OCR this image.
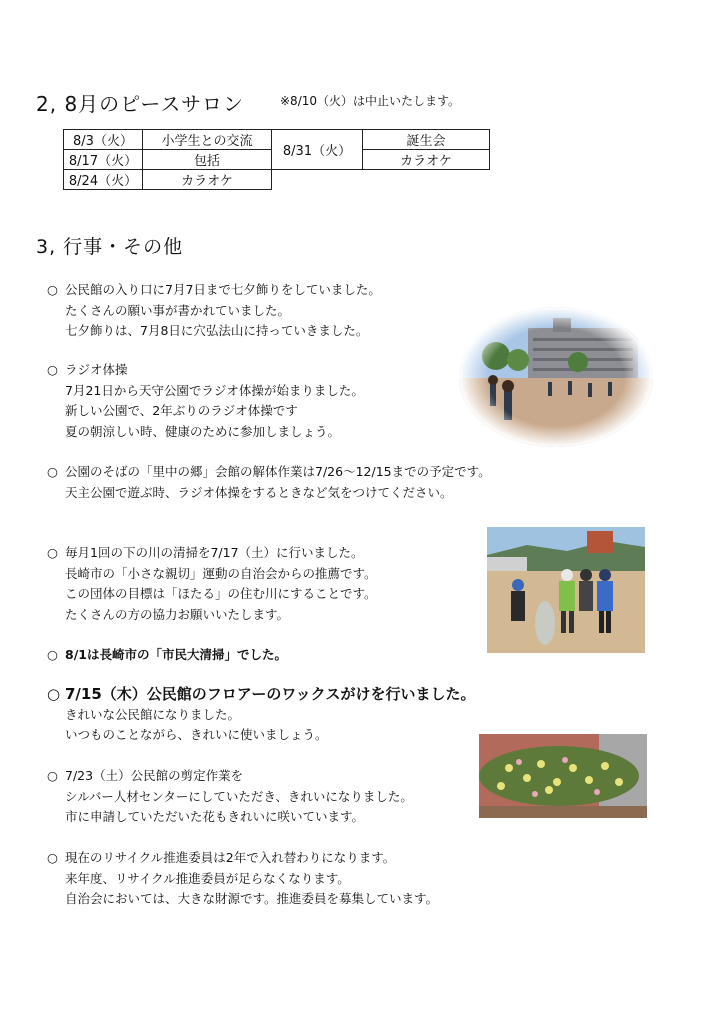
2, 8月のピースサロン	※8/10（火）は中止いたします。
8/3（火）	小学生との交流	8/31（火）	誕生会
8/17（火）	包括		カラオケ
8/24（火）	カラオケ		
3, 行事・その他
○ 公民館の入り口に7月7日まで七夕飾りをしていました。
たくさんの願い事が書かれていました。
七夕飾りは、7月8日に穴弘法山に持っていきました。
○ ラジオ体操
7月21日から天守公園でラジオ体操が始まりました。
新しい公園で、2年ぶりのラジオ体操です
夏の朝涼しい時、健康のために参加しましょう。
○ 公園のそばの「里中の郷」会館の解体作業は7/26～12/15までの予定です。
天主公園で遊ぶ時、ラジオ体操をするときなど気をつけてください。
○ 毎月1回の下の川の清掃を7/17（土）に行いました。
長崎市の「小さな親切」運動の自治会からの推薦です。
この団体の目標は「ほたる」の住む川にすることです。
たくさんの方の協力お願いいたします。
○ 8/1は長崎市の「市民大清掃」でした。
○ 7/15（木）公民館のフロアーのワックスがけを行いました。
きれいな公民館になりました。
いつものことながら、きれいに使いましょう。
○ 7/23（土）公民館の剪定作業を
シルバー人材センターにしていただき、きれいになりました。
市に申請していただいた花もきれいに咲いています。
○ 現在のリサイクル推進委員は2年で入れ替わりになります。
来年度、リサイクル推進委員が足らなくなります。
自治会においては、大きな財源です。推進委員を募集しています。
